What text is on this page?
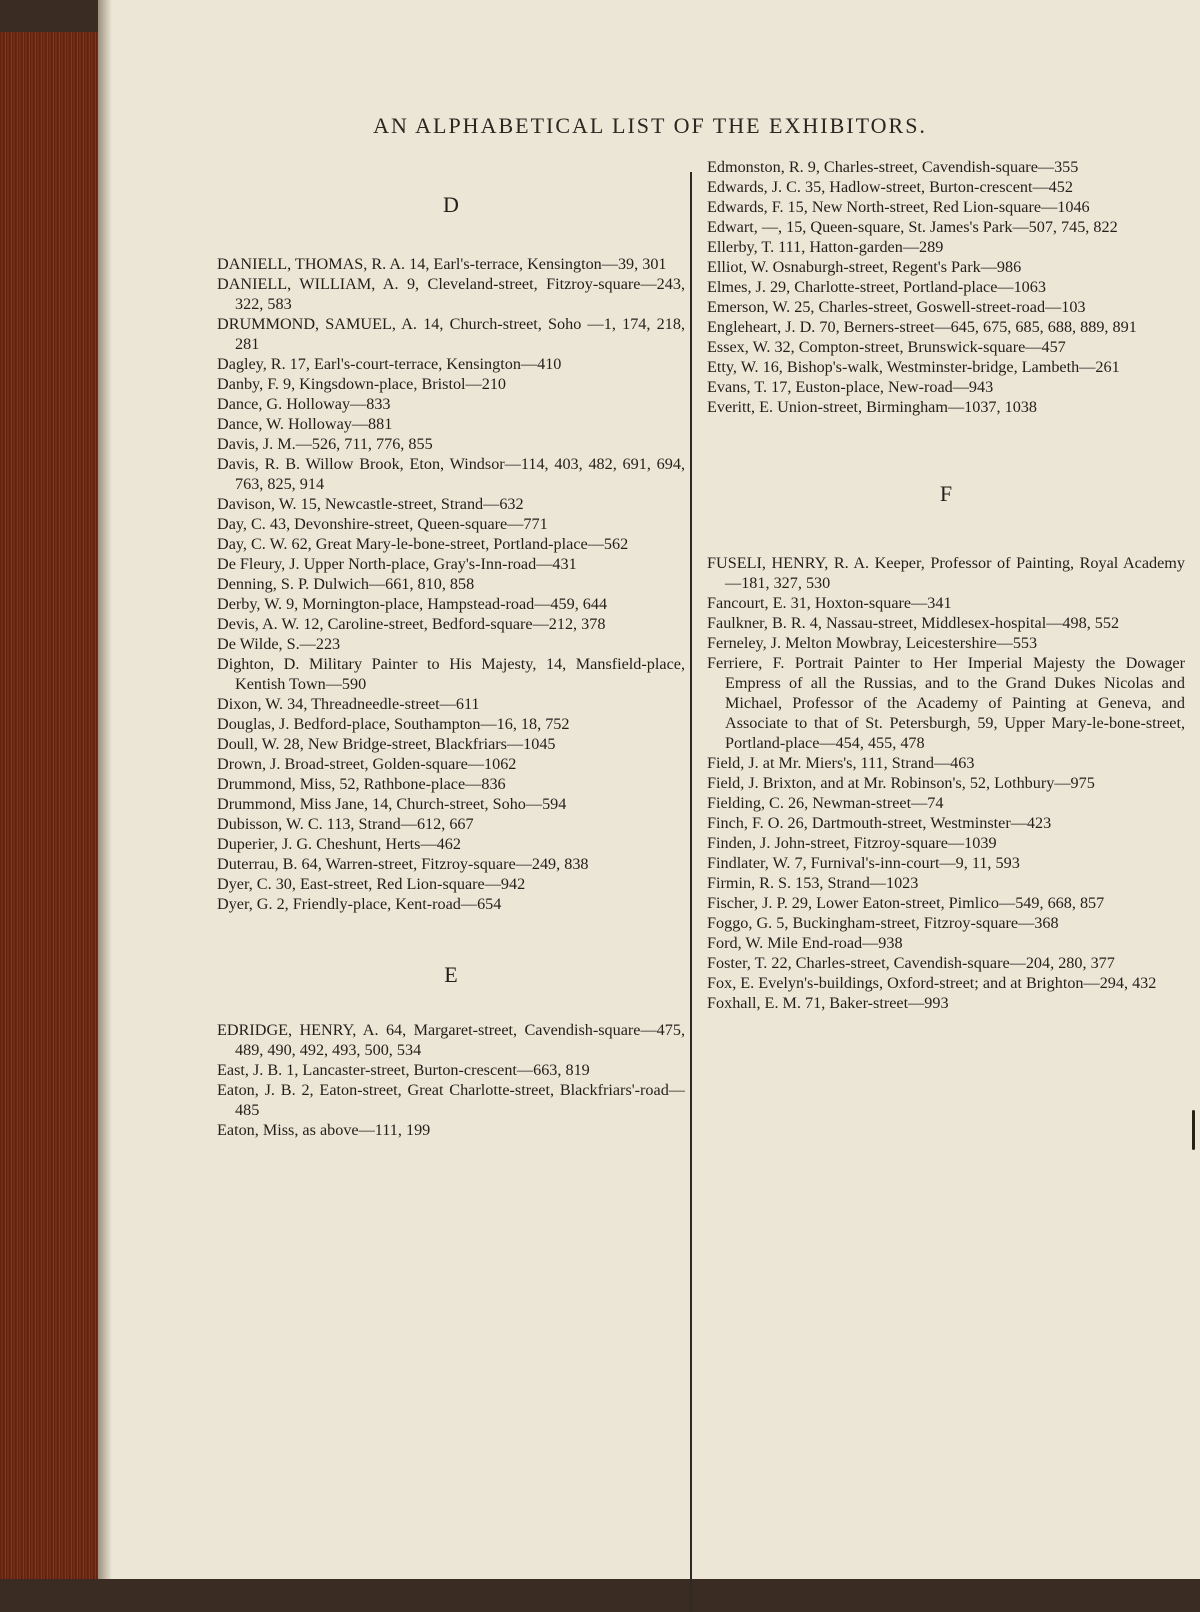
AN ALPHABETICAL LIST OF THE EXHIBITORS.
D

DANIELL, THOMAS, R. A. 14, Earl's-terrace, Kensington—39, 301

DANIELL, WILLIAM, A. 9, Cleveland-street, Fitzroy-square—243, 322, 583

DRUMMOND, SAMUEL, A. 14, Church-street, Soho —1, 174, 218, 281

Dagley, R. 17, Earl's-court-terrace, Kensington—410

Danby, F. 9, Kingsdown-place, Bristol—210

Dance, G. Holloway—833

Dance, W. Holloway—881

Davis, J. M.—526, 711, 776, 855

Davis, R. B. Willow Brook, Eton, Windsor—114, 403, 482, 691, 694, 763, 825, 914

Davison, W. 15, Newcastle-street, Strand—632

Day, C. 43, Devonshire-street, Queen-square—771

Day, C. W. 62, Great Mary-le-bone-street, Portland-place—562

De Fleury, J. Upper North-place, Gray's-Inn-road—431

Denning, S. P. Dulwich—661, 810, 858

Derby, W. 9, Mornington-place, Hampstead-road—459, 644

Devis, A. W. 12, Caroline-street, Bedford-square—212, 378

De Wilde, S.—223

Dighton, D. Military Painter to His Majesty, 14, Mansfield-place, Kentish Town—590

Dixon, W. 34, Threadneedle-street—611

Douglas, J. Bedford-place, Southampton—16, 18, 752

Doull, W. 28, New Bridge-street, Blackfriars—1045

Drown, J. Broad-street, Golden-square—1062

Drummond, Miss, 52, Rathbone-place—836

Drummond, Miss Jane, 14, Church-street, Soho—594

Dubisson, W. C. 113, Strand—612, 667

Duperier, J. G. Cheshunt, Herts—462

Duterrau, B. 64, Warren-street, Fitzroy-square—249, 838

Dyer, C. 30, East-street, Red Lion-square—942

Dyer, G. 2, Friendly-place, Kent-road—654

E

EDRIDGE, HENRY, A. 64, Margaret-street, Cavendish-square—475, 489, 490, 492, 493, 500, 534

East, J. B. 1, Lancaster-street, Burton-crescent—663, 819

Eaton, J. B. 2, Eaton-street, Great Charlotte-street, Blackfriars'-road—485

Eaton, Miss, as above—111, 199

Edmonston, R. 9, Charles-street, Cavendish-square—355

Edwards, J. C. 35, Hadlow-street, Burton-crescent—452

Edwards, F. 15, New North-street, Red Lion-square—1046

Edwart, —, 15, Queen-square, St. James's Park—507, 745, 822

Ellerby, T. 111, Hatton-garden—289

Elliot, W. Osnaburgh-street, Regent's Park—986

Elmes, J. 29, Charlotte-street, Portland-place—1063

Emerson, W. 25, Charles-street, Goswell-street-road—103

Engleheart, J. D. 70, Berners-street—645, 675, 685, 688, 889, 891

Essex, W. 32, Compton-street, Brunswick-square—457

Etty, W. 16, Bishop's-walk, Westminster-bridge, Lambeth—261

Evans, T. 17, Euston-place, New-road—943

Everitt, E. Union-street, Birmingham—1037, 1038

F

FUSELI, HENRY, R. A. Keeper, Professor of Painting, Royal Academy—181, 327, 530

Fancourt, E. 31, Hoxton-square—341

Faulkner, B. R. 4, Nassau-street, Middlesex-hospital—498, 552

Ferneley, J. Melton Mowbray, Leicestershire—553

Ferriere, F. Portrait Painter to Her Imperial Majesty the Dowager Empress of all the Russias, and to the Grand Dukes Nicolas and Michael, Professor of the Academy of Painting at Geneva, and Associate to that of St. Petersburgh, 59, Upper Mary-le-bone-street, Portland-place—454, 455, 478

Field, J. at Mr. Miers's, 111, Strand—463

Field, J. Brixton, and at Mr. Robinson's, 52, Lothbury—975

Fielding, C. 26, Newman-street—74

Finch, F. O. 26, Dartmouth-street, Westminster—423

Finden, J. John-street, Fitzroy-square—1039

Findlater, W. 7, Furnival's-inn-court—9, 11, 593

Firmin, R. S. 153, Strand—1023

Fischer, J. P. 29, Lower Eaton-street, Pimlico—549, 668, 857

Foggo, G. 5, Buckingham-street, Fitzroy-square—368

Ford, W. Mile End-road—938

Foster, T. 22, Charles-street, Cavendish-square—204, 280, 377

Fox, E. Evelyn's-buildings, Oxford-street; and at Brighton—294, 432

Foxhall, E. M. 71, Baker-street—993
